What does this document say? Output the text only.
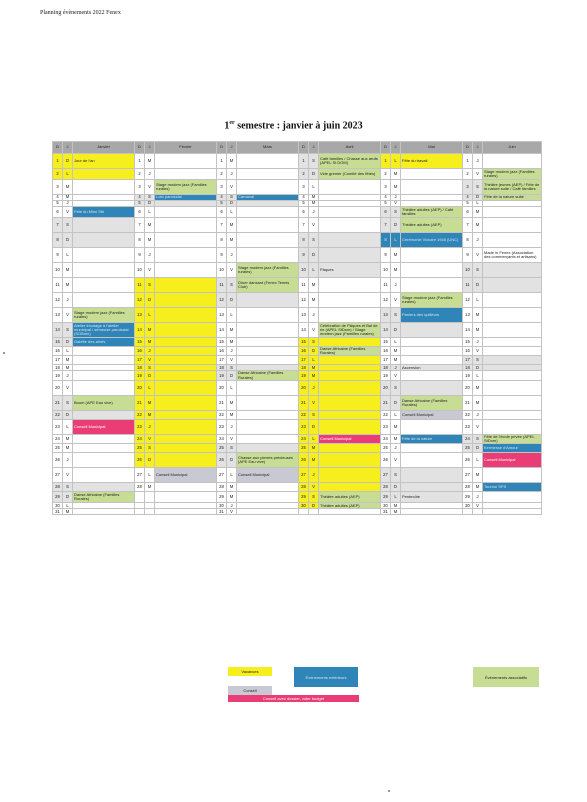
Planning évènements 2022 Fenex
1er semestre : janvier à juin 2023
D	J	Janvier	D	J	Février	D	J	Mars	D	J	Avril	D	J	Mai	D	J	Juin
1	D	Jour de l'an	1	M		1	M		1	S	Café familles / Chasse aux œufs (APEL St DOM)	1	L	Fête du travail	1	J	
2	L		2	J		2	J		2	D	Vide grenier (Comité des fêtes)	2	M		2	V	Stage modern jazz (Familles rurales)
3	M		3	V	Stage modern jazz (Familles rurales)	3	V		3	L		3	M		3	S	Théâtre jeunes (AEP) / Fête de la nature suite / Café familles
4	M		4	S	Loto paroissial	4	S	Carnaval	4	M		4	J		4	D	Fête de la nature suite
5	J		5	D		5	D		5	M		5	V		5	L	
6	V	Fête du Mimi Sth	6	L		6	L		6	J		6	S	Théâtre adultes (AEP) / Café familles	6	M	
7	S		7	M		7	M		7	V		7	D	Théâtre adultes (AEP)	7	M	
8	D		8	M		8	M		8	S		8	L	Cérémonie Victoire 1945 (UNC)	8	J	
9	L		9	J		9	J		9	D		9	M		9	V	Made in Fenex (Association des commerçants et artisans)
10	M		10	V		10	V	Stage modern jazz (Familles rurales)	10	L	Pâques	10	M		10	S	
11	M		11	S		11	S	Dîner dansant (Fenex Tennis Club)	11	M		11	J		11	D	
12	J		12	D		12	D		12	M		12	V	Stage modern jazz (Familles rurales)	12	L	
13	V	Stage modern jazz (Familles rurales)	13	L		13	L		13	J		13	S	Paniers des quilleurs	13	M	
14	S	Atelier tricotage à l'atelier municipal / sémeuse paroissial (SOBom)	14	M		14	M		14	V	Célébration de Pâques et Bal de rie (APEL StDom) / Stage modern jazz (Familles rurales)	14	D		14	M	
15	D	Galette des aînés	15	M		15	M		15	S		15	L		15	J	
16	L		16	J		16	J		16	D	Danse Africaine (Familles Rurales)	16	M		16	V	
17	M		17	V		17	V		17	L		17	M		17	S	
18	M		18	S		18	S		18	M		18	J	Ascension	18	D	
19	J		19	D		19	D	Danse Africaine (Familles Rurales)	19	M		19	V		19	L	
20	V		20	L		20	L		20	J		20	S		20	M	
21	S	Boom (APE Eau vive)	21	M		21	M		21	V		21	D	Danse Africaine (Familles Rurales)	21	M	
22	D		22	M		22	M		22	S		22	L	Conseil Municipal	22	J	
23	L	Conseil Municipal	23	J		23	J		23	D		23	M		23	V	
24	M		24	V		24	V		24	L	Conseil Municipal	24	M	Fête de la nature	24	S	Fête de l'école privée (APEL StDom)
25	M		25	S		25	S		25	M		25	J		25	D	Kermesse d'Amour
26	J		26	D		26	D	Chasse aux pierres précieuses (APE Eau vive)	26	M		26	V		26	L	Conseil Municipal
27	V		27	L	Conseil Municipal	27	L	Conseil Municipal	27	J		27	S		27	M	
28	S		28	M		28	M		28	V		28	D		28	M	Tournoi SPS
29	D	Danse Africaine (Familles Rurales)				29	M		29	S	Théâtre adultes (AEP)	29	L	Pentecôte	29	J	
30	L					30	J		30	D	Théâtre adultes (AEP)	30	M		30	V	
31	M					31	V					31	M				
Vacances
Évènements extérieurs	Évènements associatifs
Conseil
Conseil avec dossier, voter budget
